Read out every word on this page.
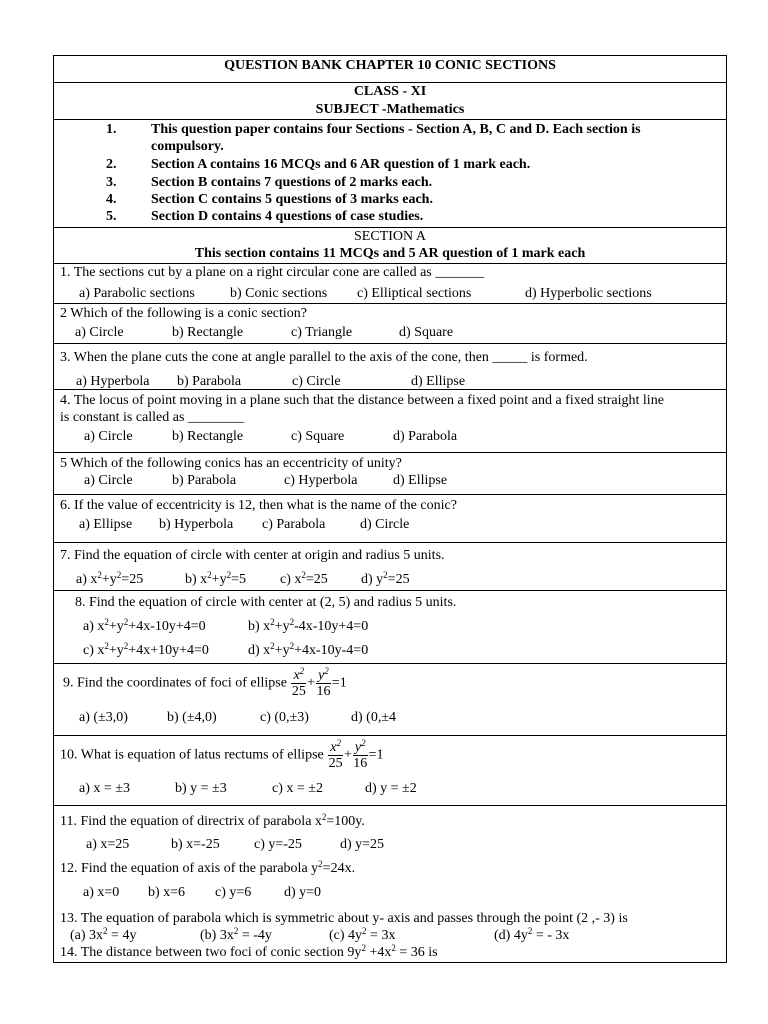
QUESTION BANK CHAPTER 10 CONIC SECTIONS
CLASS - XI
SUBJECT -Mathematics
1. This question paper contains four Sections - Section A, B, C and D. Each section is
compulsory.
2. Section A contains 16 MCQs and 6 AR question of 1 mark each.
3. Section B contains 7 questions of 2 marks each.
4. Section C contains 5 questions of 3 marks each.
5. Section D contains 4 questions of case studies.
SECTION A
This section contains 11 MCQs and 5 AR question of 1 mark each
1. The sections cut by a plane on a right circular cone are called as _______
a) Parabolic sections	b) Conic sections c) Elliptical sections	d) Hyperbolic sections
2 Which of the following is a conic section?
a) Circle	b) Rectangle	c) Triangle	d) Square
3. When the plane cuts the cone at angle parallel to the axis of the cone, then _____ is formed.
a) Hyperbola b) Parabola	c) Circle	d) Ellipse
4. The locus of point moving in a plane such that the distance between a fixed point and a fixed straight line
is constant is called as ________
a) Circle	b) Rectangle	c) Square	d) Parabola
5 Which of the following conics has an eccentricity of unity?
a) Circle	b) Parabola	c) Hyperbola	d) Ellipse
6. If the value of eccentricity is 12, then what is the name of the conic?
a) Ellipse b) Hyperbola c) Parabola d) Circle
7. Find the equation of circle with center at origin and radius 5 units.
a) $x^2+y^2=25$	b) $x^2+y^2=5$ c) $x^2=25$ d) $y^2=25$
8. Find the equation of circle with center at (2, 5) and radius 5 units.
a) $x^2+y^2+4x-10y+4=0$	b) $x^2+y^2-4x-10y+4=0$
c) $x^2+y^2+4x+10y+4=0$	d) $x^2+y^2+4x-10y-4=0$
9. Find the coordinates of foci of ellipse $\frac{x^2}{25} + \frac{y^2}{16} =1$
a) (±3,0)	b) (±4,0)	c) (0,±3)	d) (0,±4
10. What is equation of latus rectums of ellipse $\frac{x^2}{25} + \frac{y^2}{16} =1$
a) x = ±3	b) y = ±3	c) x = ±2	d) y = ±2
11. Find the equation of directrix of parabola $x^2=100y$.
a) x=25	b) x=-25 c) y=-25	d) y=25
12. Find the equation of axis of the parabola $y^2=24x$.
a) x=0 b) x=6 c) y=6 d) y=0
13. The equation of parabola which is symmetric about y- axis and passes through the point (2 ,- 3) is
(a) $3x^2 = 4y$	(b) $3x^2 = -4y$	(c) $4y^2 = 3x$	(d) $4y^2$ = - 3x
14. The distance between two foci of conic section $9y^2 +4x^2 = 36$ is
